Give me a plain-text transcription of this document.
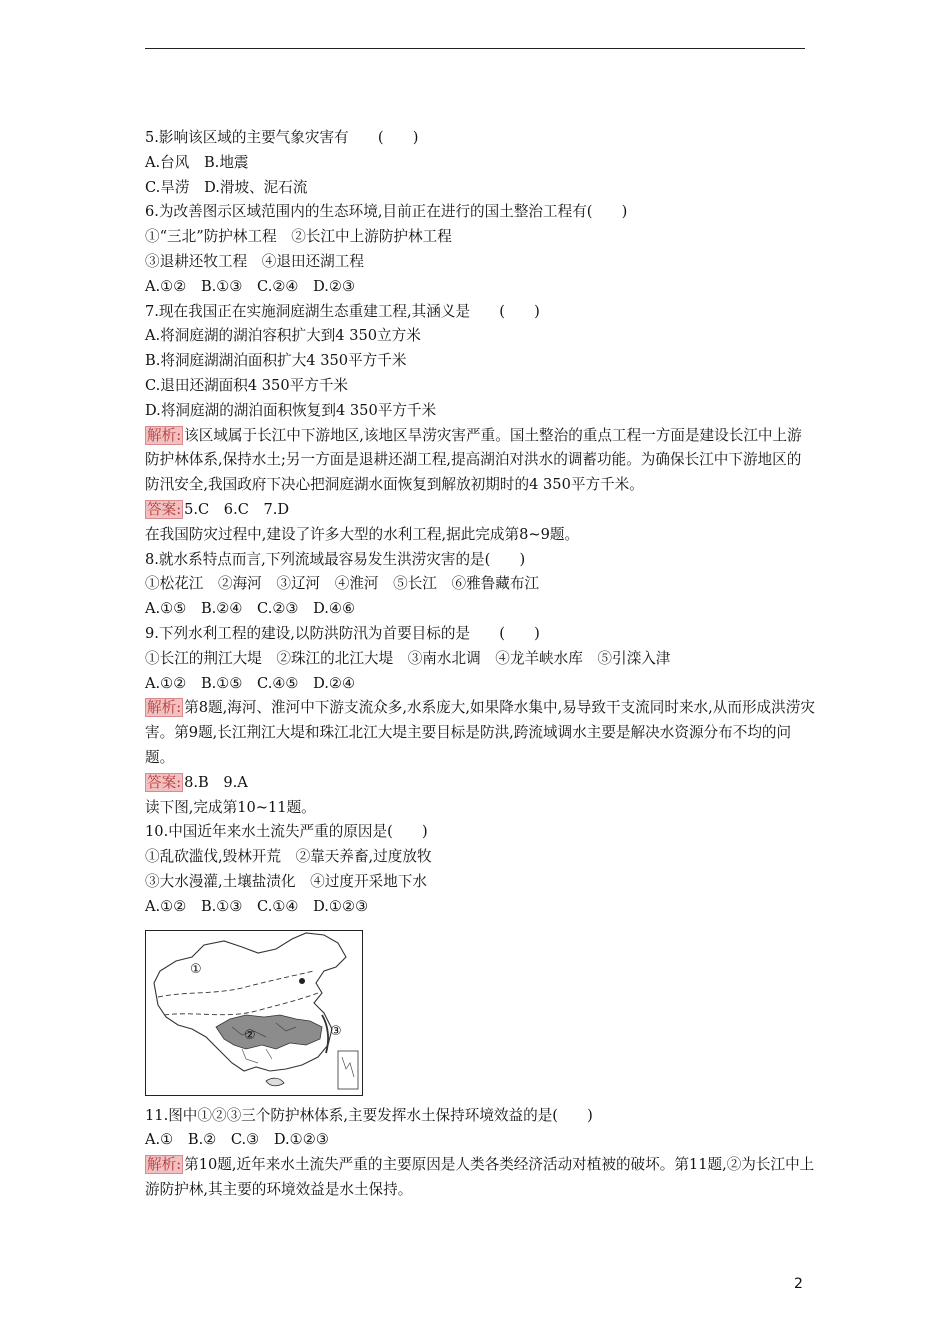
5.影响该区域的主要气象灾害有　　(　　)
A.台风　B.地震
C.旱涝　D.滑坡、泥石流
6.为改善图示区域范围内的生态环境,目前正在进行的国土整治工程有(　　)
①“三北”防护林工程　②长江中上游防护林工程
③退耕还牧工程　④退田还湖工程
A.①②　B.①③　C.②④　D.②③
7.现在我国正在实施洞庭湖生态重建工程,其涵义是　　(　　)
A.将洞庭湖的湖泊容积扩大到4 350立方米
B.将洞庭湖湖泊面积扩大4 350平方千米
C.退田还湖面积4 350平方千米
D.将洞庭湖的湖泊面积恢复到4 350平方千米
解析: 该区域属于长江中下游地区,该地区旱涝灾害严重。国土整治的重点工程一方面是建设长江中上游防护林体系,保持水土;另一方面是退耕还湖工程,提高湖泊对洪水的调蓄功能。为确保长江中下游地区的防汛安全,我国政府下决心把洞庭湖水面恢复到解放初期时的4 350平方千米。
答案: 5.C　6.C　7.D
在我国防灾过程中,建设了许多大型的水利工程,据此完成第8~9题。
8.就水系特点而言,下列流域最容易发生洪涝灾害的是(　　)
①松花江　②海河　③辽河　④淮河　⑤长江　⑥雅鲁藏布江
A.①⑤　B.②④　C.②③　D.④⑥
9.下列水利工程的建设,以防洪防汛为首要目标的是　　(　　)
①长江的荆江大堤　②珠江的北江大堤　③南水北调　④龙羊峡水库　⑤引滦入津
A.①②　B.①⑤　C.④⑤　D.②④
解析: 第8题,海河、淮河中下游支流众多,水系庞大,如果降水集中,易导致干支流同时来水,从而形成洪涝灾害。第9题,长江荆江大堤和珠江北江大堤主要目标是防洪,跨流域调水主要是解决水资源分布不均的问题。
答案: 8.B　9.A
读下图,完成第10~11题。
10.中国近年来水土流失严重的原因是(　　)
①乱砍滥伐,毁林开荒　②靠天养畜,过度放牧
③大水漫灌,土壤盐渍化　④过度开采地下水
A.①②　B.①③　C.①④　D.①②③
①
②	③
11.图中①②③三个防护林体系,主要发挥水土保持环境效益的是(　　)
A.①　B.②　C.③　D.①②③
解析: 第10题,近年来水土流失严重的主要原因是人类各类经济活动对植被的破坏。第11题,②为长江中上游防护林,其主要的环境效益是水土保持。
2
